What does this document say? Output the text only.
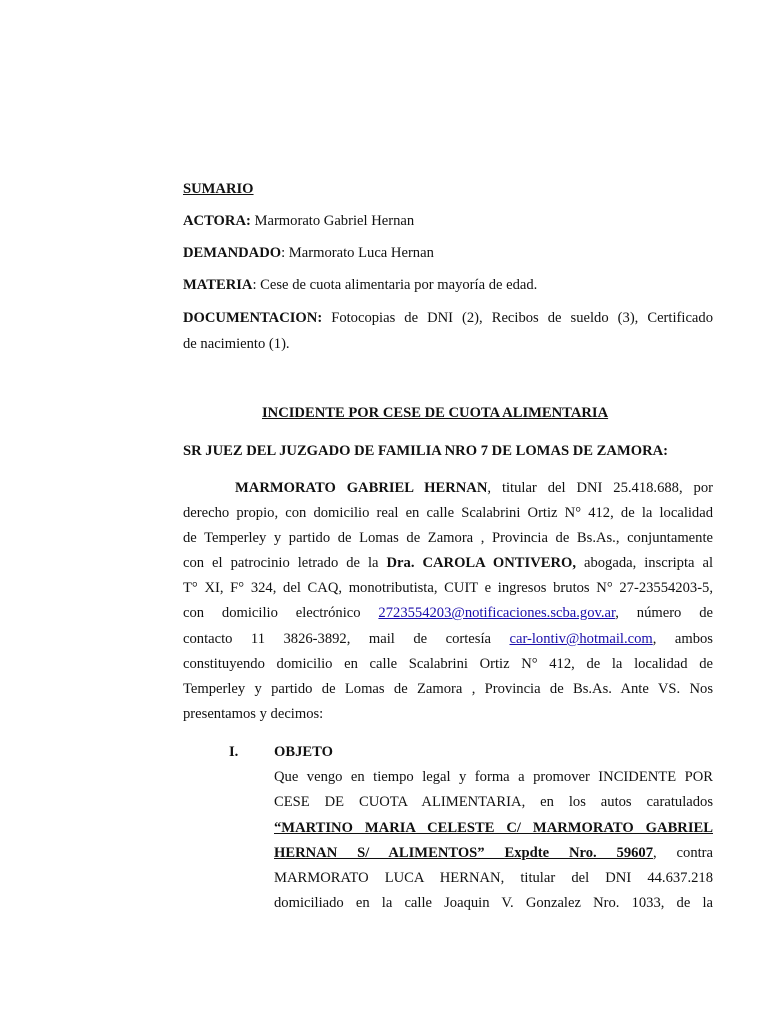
SUMARIO
ACTORA: Marmorato Gabriel Hernan
DEMANDADO: Marmorato Luca Hernan
MATERIA: Cese de cuota alimentaria por mayoría de edad.
DOCUMENTACION: Fotocopias de DNI (2), Recibos de sueldo (3), Certificado
de nacimiento (1).
INCIDENTE POR CESE DE CUOTA ALIMENTARIA
SR JUEZ DEL JUZGADO DE FAMILIA NRO 7 DE LOMAS DE ZAMORA:
MARMORATO GABRIEL HERNAN, titular del DNI 25.418.688, por
derecho propio, con domicilio real en calle Scalabrini Ortiz N° 412, de la localidad
de Temperley y partido de Lomas de Zamora , Provincia de Bs.As., conjuntamente
con el patrocinio letrado de la Dra. CAROLA ONTIVERO, abogada, inscripta al
T° XI, F° 324, del CAQ, monotributista, CUIT e ingresos brutos N° 27-23554203-5,
con domicilio electrónico 2723554203@notificaciones.scba.gov.ar, número de
contacto 11 3826-3892, mail de cortesía car-lontiv@hotmail.com, ambos
constituyendo domicilio en calle Scalabrini Ortiz N° 412, de la localidad de
Temperley y partido de Lomas de Zamora , Provincia de Bs.As. Ante VS. Nos
presentamos y decimos:
I. OBJETO
Que vengo en tiempo legal y forma a promover INCIDENTE POR
CESE DE CUOTA ALIMENTARIA, en los autos caratulados
“MARTINO MARIA CELESTE C/ MARMORATO GABRIEL
HERNAN S/ ALIMENTOS” Expdte Nro. 59607, contra
MARMORATO LUCA HERNAN, titular del DNI 44.637.218
domiciliado en la calle Joaquin V. Gonzalez Nro. 1033, de la
